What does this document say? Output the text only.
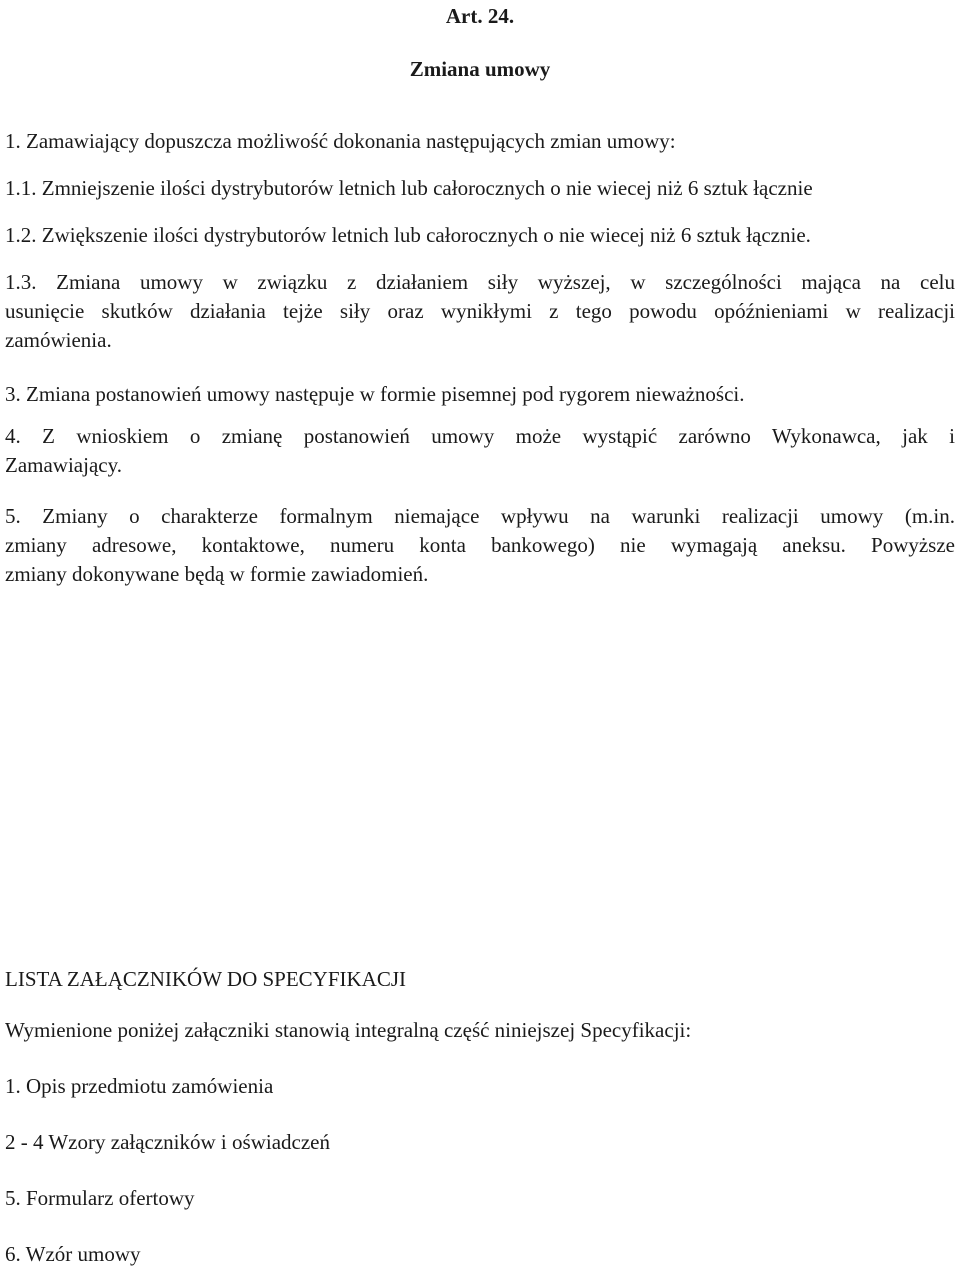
Art. 24.
Zmiana umowy
1. Zamawiający dopuszcza możliwość dokonania następujących zmian umowy:
1.1. Zmniejszenie ilości dystrybutorów letnich lub całorocznych o nie wiecej niż 6 sztuk łącznie
1.2. Zwiększenie ilości dystrybutorów letnich lub całorocznych o nie wiecej niż 6 sztuk łącznie.
1.3. Zmiana umowy w związku z działaniem siły wyższej, w szczególności mająca na celu
usunięcie skutków działania tejże siły oraz wynikłymi z tego powodu opóźnieniami w realizacji
zamówienia.
3. Zmiana postanowień umowy następuje w formie pisemnej pod rygorem nieważności.
4. Z wnioskiem o zmianę postanowień umowy może wystąpić zarówno Wykonawca, jak i
Zamawiający.
5. Zmiany o charakterze formalnym niemające wpływu na warunki realizacji umowy (m.in.
zmiany adresowe, kontaktowe, numeru konta bankowego) nie wymagają aneksu. Powyższe
zmiany dokonywane będą w formie zawiadomień.
LISTA ZAŁĄCZNIKÓW DO SPECYFIKACJI
Wymienione poniżej załączniki stanowią integralną część niniejszej Specyfikacji:
1. Opis przedmiotu zamówienia
2 - 4 Wzory załączników i oświadczeń
5. Formularz ofertowy
6. Wzór umowy
